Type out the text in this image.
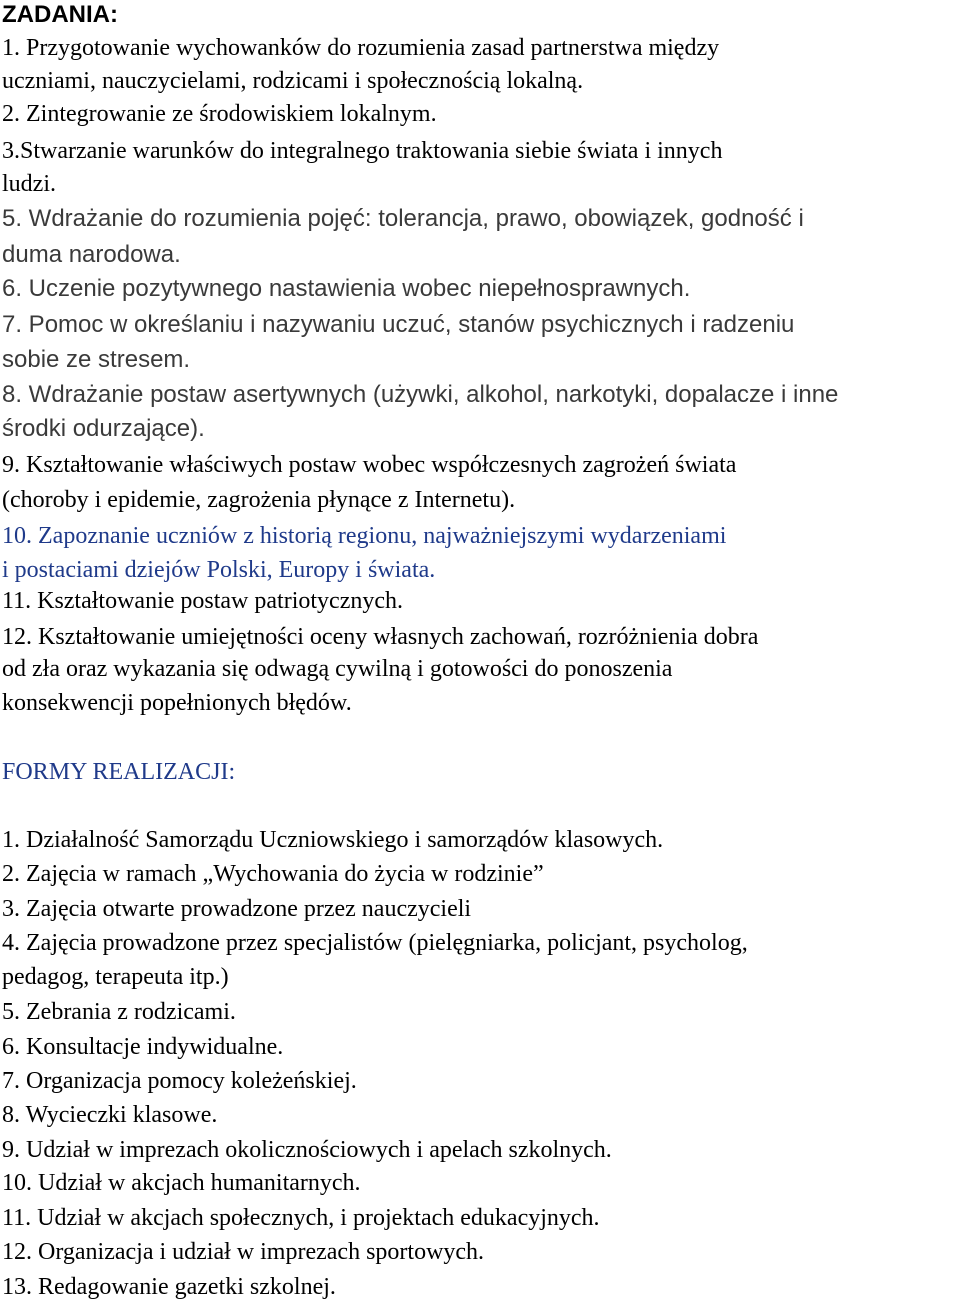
ZADANIA:
1. Przygotowanie wychowanków do rozumienia zasad partnerstwa między
uczniami, nauczycielami, rodzicami i społecznością lokalną.
2. Zintegrowanie ze środowiskiem lokalnym.
3.Stwarzanie warunków do integralnego traktowania siebie świata i innych
ludzi.
5. Wdrażanie do rozumienia pojęć: tolerancja, prawo, obowiązek, godność i
duma narodowa.
6. Uczenie pozytywnego nastawienia wobec niepełnosprawnych.
7. Pomoc w określaniu i nazywaniu uczuć, stanów psychicznych i radzeniu
sobie ze stresem.
8. Wdrażanie postaw asertywnych (używki, alkohol, narkotyki, dopalacze i inne
środki odurzające).
9. Kształtowanie właściwych postaw wobec współczesnych zagrożeń świata
(choroby i epidemie, zagrożenia płynące z Internetu).
10. Zapoznanie uczniów z historią regionu, najważniejszymi wydarzeniami
i postaciami dziejów Polski, Europy i świata.
11. Kształtowanie postaw patriotycznych.
12. Kształtowanie umiejętności oceny własnych zachowań, rozróżnienia dobra
od zła oraz wykazania się odwagą cywilną i gotowości do ponoszenia
konsekwencji popełnionych błędów.
FORMY REALIZACJI:
1. Działalność Samorządu Uczniowskiego i samorządów klasowych.
2. Zajęcia w ramach „Wychowania do życia w rodzinie”
3. Zajęcia otwarte prowadzone przez nauczycieli
4. Zajęcia prowadzone przez specjalistów (pielęgniarka, policjant, psycholog,
pedagog, terapeuta itp.)
5. Zebrania z rodzicami.
6. Konsultacje indywidualne.
7. Organizacja pomocy koleżeńskiej.
8. Wycieczki klasowe.
9. Udział w imprezach okolicznościowych i apelach szkolnych.
10. Udział w akcjach humanitarnych.
11. Udział w akcjach społecznych, i projektach edukacyjnych.
12. Organizacja i udział w imprezach sportowych.
13. Redagowanie gazetki szkolnej.
